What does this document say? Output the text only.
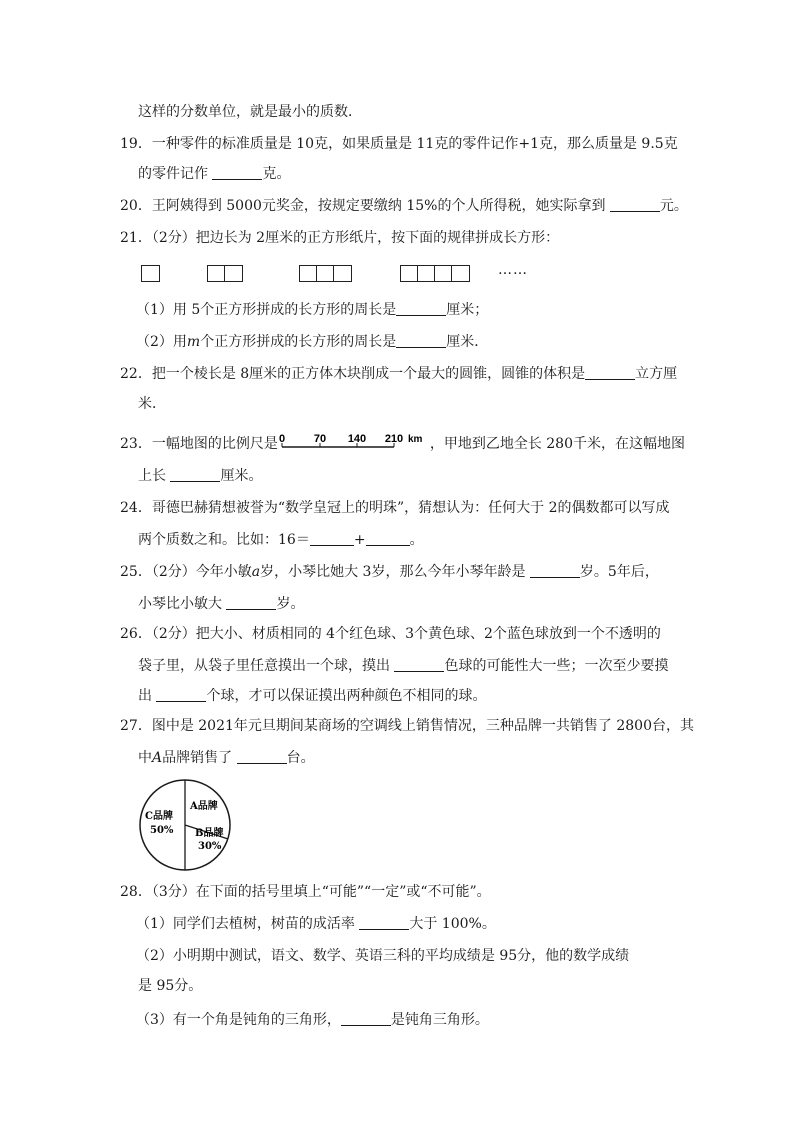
这样的分数单位，就是最小的质数．
19．一种零件的标准质量是 10克，如果质量是 11克的零件记作+1克，那么质量是 9.5克
的零件记作	克。
20．王阿姨得到 5000元奖金，按规定要缴纳 15%的个人所得税，她实际拿到	元。
21．（2分）把边长为 2厘米的正方形纸片，按下面的规律拼成长方形：
……
（1）用 5个正方形拼成的长方形的周长是	厘米；
（2）用m个正方形拼成的长方形的周长是	厘米．
22．把一个棱长是 8厘米的正方体木块削成一个最大的圆锥，圆锥的体积是	立方厘
米．
23．一幅地图的比例尺是 0	70 140 210 km ，甲地到乙地全长 280千米，在这幅地图
上长	厘米。
24．哥德巴赫猜想被誉为“数学皇冠上的明珠”，猜想认为：任何大于 2的偶数都可以写成
两个质数之和。比如：16＝	+	。
25．（2分）今年小敏a岁，小琴比她大 3岁，那么今年小琴年龄是	岁。5年后，
小琴比小敏大	岁。
26．（2分）把大小、材质相同的 4个红色球、3个黄色球、2个蓝色球放到一个不透明的
袋子里，从袋子里任意摸出一个球，摸出	色球的可能性大一些；一次至少要摸
出	个球，才可以保证摸出两种颜色不相同的球。
27．图中是 2021年元旦期间某商场的空调线上销售情况，三种品牌一共销售了 2800台，其
中A品牌销售了	台。
A品牌
B品牌
30%
C品牌
50%
28．（3分）在下面的括号里填上“可能”“一定”或“不可能”。
（1）同学们去植树，树苗的成活率	大于 100%。
（2）小明期中测试，语文、数学、英语三科的平均成绩是 95分，他的数学成绩
是 95分。
（3）有一个角是钝角的三角形，	是钝角三角形。
